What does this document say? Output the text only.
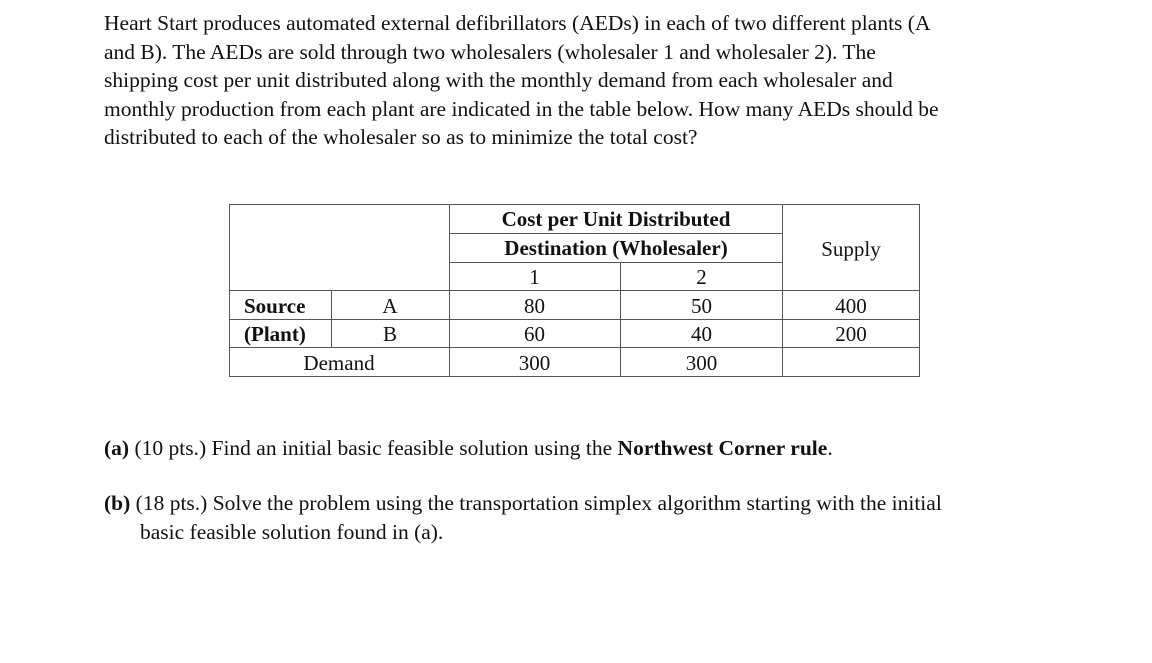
Heart Start produces automated external defibrillators (AEDs) in each of two different plants (A

and B). The AEDs are sold through two wholesalers (wholesaler 1 and wholesaler 2). The

shipping cost per unit distributed along with the monthly demand from each wholesaler and

monthly production from each plant are indicated in the table below. How many AEDs should be

distributed to each of the wholesaler so as to minimize the total cost?

Cost per Unit Distributed
Destination (Wholesaler)	Supply
1	2
Source	A	80	50	400
(Plant)	B	60	40	200
Demand	300	300
(a) (10 pts.) Find an initial basic feasible solution using the Northwest Corner rule.
(b) (18 pts.) Solve the problem using the transportation simplex algorithm starting with the initial
basic feasible solution found in (a).
